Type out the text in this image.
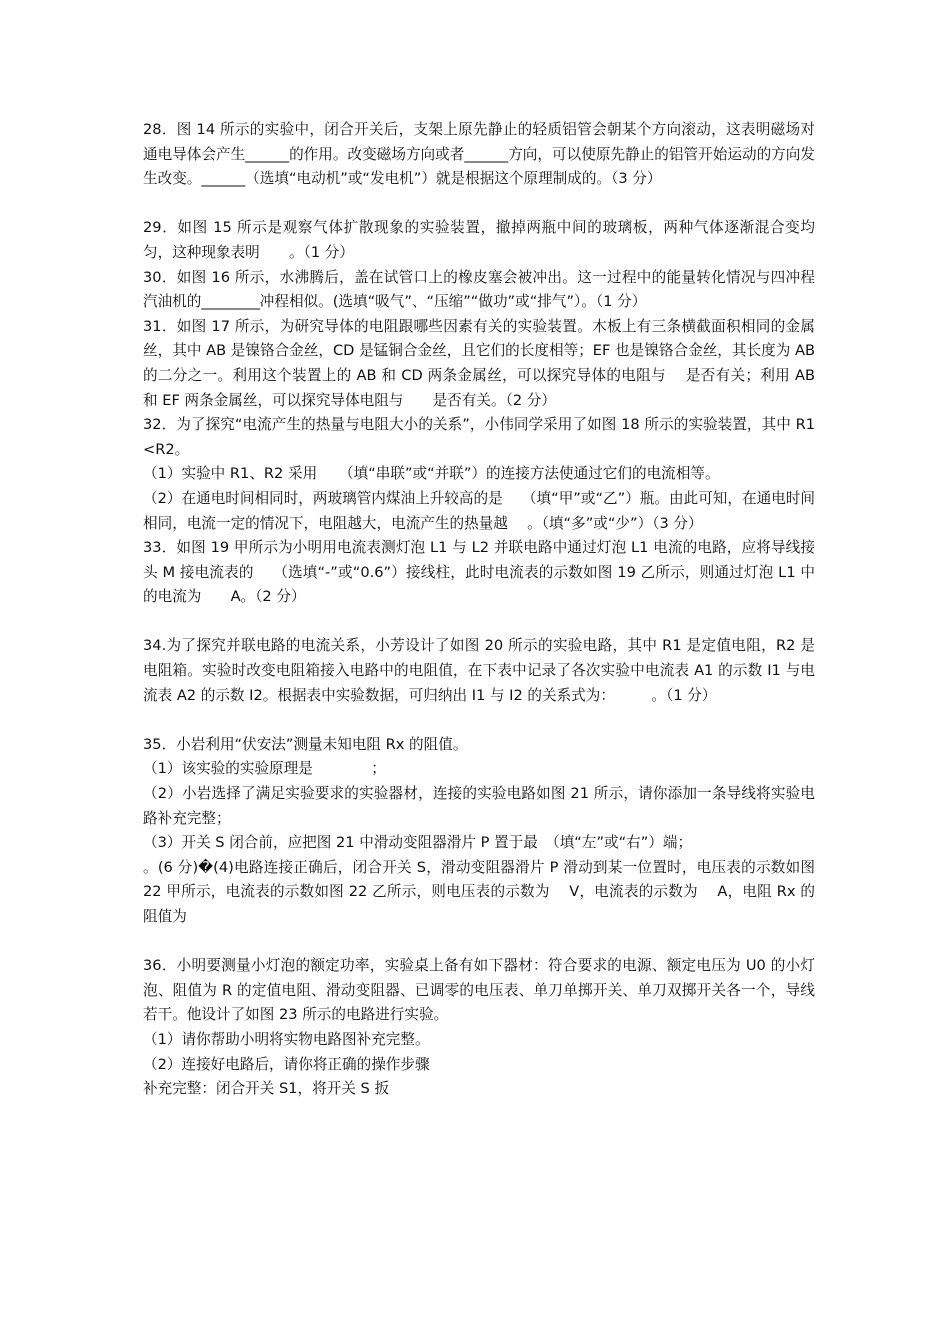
28．图 14 所示的实验中，闭合开关后，支架上原先静止的轻质铝管会朝某个方向滚动，这表明磁场对通电导体会产生______的作用。改变磁场方向或者______方向，可以使原先静止的铝管开始运动的方向发生改变。______（选填“电动机”或“发电机”）就是根据这个原理制成的。（3 分）

29．如图 15 所示是观察气体扩散现象的实验装置，撤掉两瓶中间的玻璃板，两种气体逐渐混合变均匀，这种现象表明　　。（1 分）

30．如图 16 所示，水沸腾后，盖在试管口上的橡皮塞会被冲出。这一过程中的能量转化情况与四冲程汽油机的________冲程相似。(选填“吸气”、“压缩”“做功”或“排气”）。（1 分）

31．如图 17 所示，为研究导体的电阻跟哪些因素有关的实验装置。木板上有三条横截面积相同的金属丝，其中 AB 是镍铬合金丝，CD 是锰铜合金丝，且它们的长度相等；EF 也是镍铬合金丝，其长度为 AB 的二分之一。利用这个装置上的 AB 和 CD 两条金属丝，可以探究导体的电阻与　 是否有关；利用 AB 和 EF 两条金属丝，可以探究导体电阻与　　是否有关。（2 分）

32．为了探究“电流产生的热量与电阻大小的关系”，小伟同学采用了如图 18 所示的实验装置，其中 R1<R2。

（1）实验中 R1、R2 采用　　（填“串联”或“并联”）的连接方法使通过它们的电流相等。

（2）在通电时间相同时，两玻璃管内煤油上升较高的是　 （填“甲”或“乙”）瓶。由此可知，在通电时间相同，电流一定的情况下，电阻越大，电流产生的热量越　 。（填“多”或“少”）（3 分）

33．如图 19 甲所示为小明用电流表测灯泡 L1 与 L2 并联电路中通过灯泡 L1 电流的电路，应将导线接头 M 接电流表的　 （选填“-”或“0.6”）接线柱，此时电流表的示数如图 19 乙所示，则通过灯泡 L1 中的电流为　　A。（2 分）

34.为了探究并联电路的电流关系，小芳设计了如图 20 所示的实验电路，其中 R1 是定值电阻，R2 是电阻箱。实验时改变电阻箱接入电路中的电阻值，在下表中记录了各次实验中电流表 A1 的示数 I1 与电流表 A2 的示数 I2。根据表中实验数据，可归纳出 I1 与 I2 的关系式为：　　　。（1 分）

35．小岩利用“伏安法”测量未知电阻 Rx 的阻值。

（1）该实验的实验原理是　　　　；

（2）小岩选择了满足实验要求的实验器材，连接的实验电路如图 21 所示，请你添加一条导线将实验电路补充完整；

（3）开关 S 闭合前，应把图 21 中滑动变阻器滑片 P 置于最　（填“左”或“右”）端；

。(6 分)�(4)电路连接正确后，闭合开关 S，滑动变阻器滑片 P 滑动到某一位置时，电压表的示数如图 22 甲所示，电流表的示数如图 22 乙所示，则电压表的示数为　 V，电流表的示数为　 A，电阻 Rx 的阻值为

36．小明要测量小灯泡的额定功率，实验桌上备有如下器材：符合要求的电源、额定电压为 U0 的小灯泡、阻值为 R 的定值电阻、滑动变阻器、已调零的电压表、单刀单掷开关、单刀双掷开关各一个，导线若干。他设计了如图 23 所示的电路进行实验。

（1）请你帮助小明将实物电路图补充完整。

（2）连接好电路后，请你将正确的操作步骤

补充完整：闭合开关 S1，将开关 S 扳
